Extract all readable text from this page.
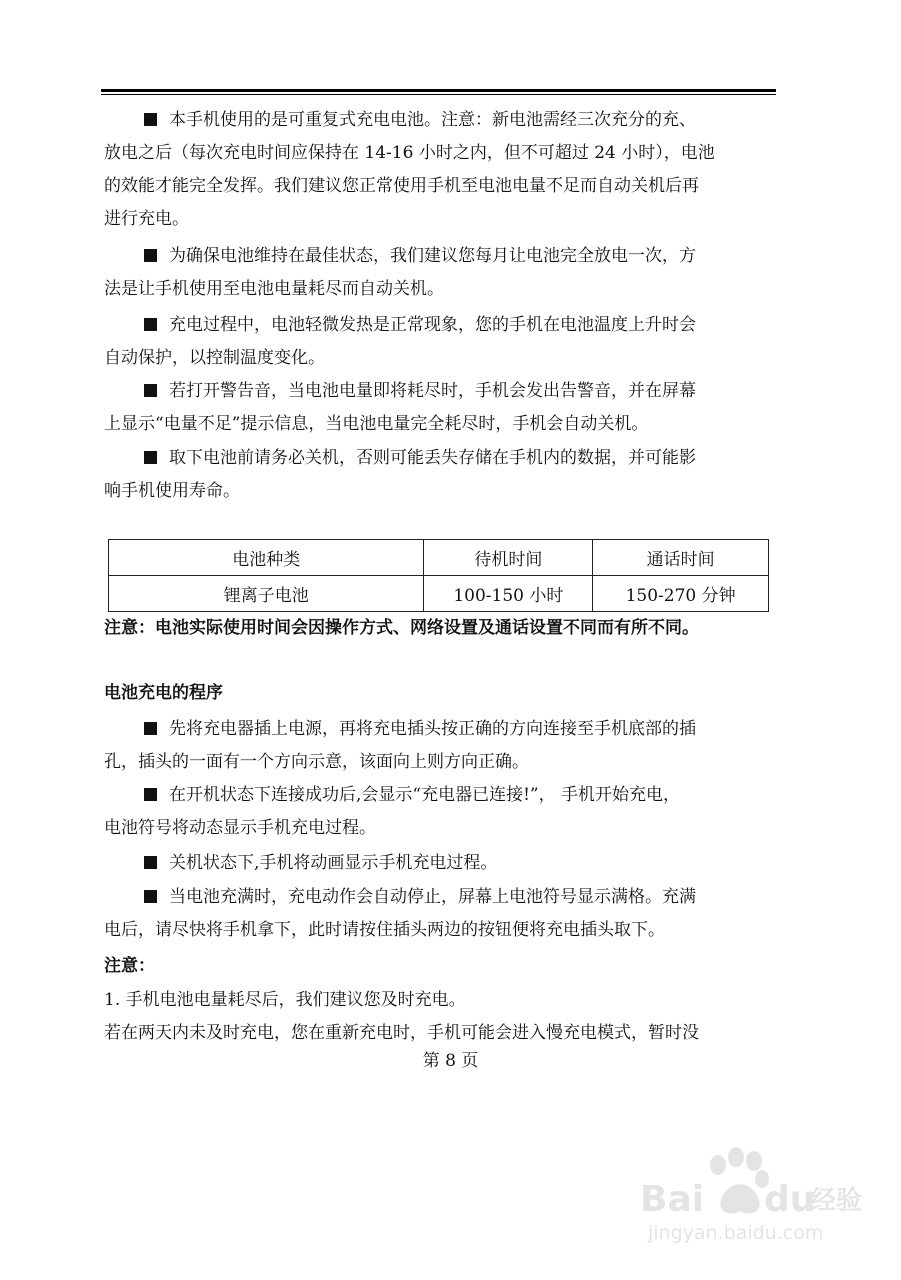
本手机使用的是可重复式充电电池。注意：新电池需经三次充分的充、
放电之后（每次充电时间应保持在 14-16 小时之内，但不可超过 24 小时），电池
的效能才能完全发挥。我们建议您正常使用手机至电池电量不足而自动关机后再
进行充电。
为确保电池维持在最佳状态，我们建议您每月让电池完全放电一次，方
法是让手机使用至电池电量耗尽而自动关机。
充电过程中，电池轻微发热是正常现象，您的手机在电池温度上升时会
自动保护，以控制温度变化。
若打开警告音，当电池电量即将耗尽时，手机会发出告警音，并在屏幕
上显示“电量不足”提示信息，当电池电量完全耗尽时，手机会自动关机。
取下电池前请务必关机，否则可能丢失存储在手机内的数据，并可能影
响手机使用寿命。
电池种类	待机时间	通话时间
锂离子电池	100-150 小时	150-270 分钟
注意：电池实际使用时间会因操作方式、网络设置及通话设置不同而有所不同。
电池充电的程序
先将充电器插上电源，再将充电插头按正确的方向连接至手机底部的插
孔，插头的一面有一个方向示意，该面向上则方向正确。
在开机状态下连接成功后,会显示“充电器已连接!”， 手机开始充电，
电池符号将动态显示手机充电过程。
关机状态下,手机将动画显示手机充电过程。
当电池充满时，充电动作会自动停止，屏幕上电池符号显示满格。充满
电后，请尽快将手机拿下，此时请按住插头两边的按钮便将充电插头取下。
注意：
1. 手机电池电量耗尽后，我们建议您及时充电。
若在两天内未及时充电，您在重新充电时，手机可能会进入慢充电模式，暂时没
第 8 页
Bai du
经验
jingyan.baidu.com
